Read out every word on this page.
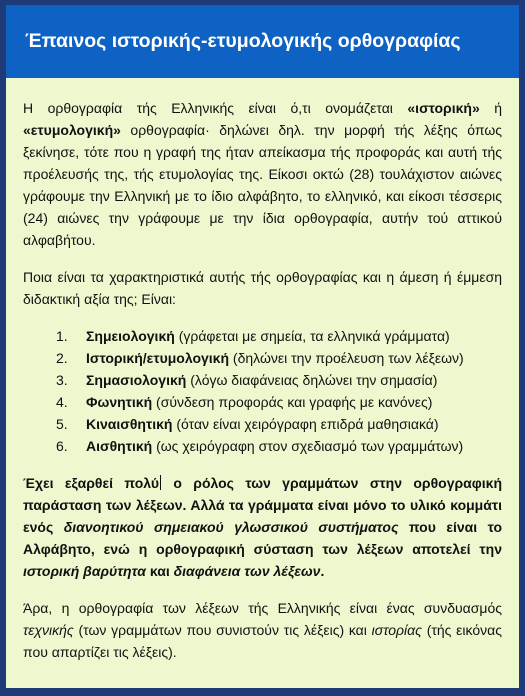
Έπαινος ιστορικής-ετυμολογικής ορθογραφίας

Η ορθογραφία τής Ελληνικής είναι ό,τι ονομάζεται «ιστορική» ή «ετυμολογική» ορθογραφία· δηλώνει δηλ. την μορφή τής λέξης όπως ξεκίνησε, τότε που η γραφή της ήταν απείκασμα τής προφοράς και αυτή τής προέλευσής της, τής ετυμολογίας της. Είκοσι οκτώ (28) τουλάχιστον αιώνες γράφουμε την Ελληνική με το ίδιο αλφάβητο, το ελληνικό, και είκοσι τέσσερις (24) αιώνες την γράφουμε με την ίδια ορθογραφία, αυτήν τού αττικού αλφαβήτου.

Ποια είναι τα χαρακτηριστικά αυτής τής ορθογραφίας και η άμεση ή έμμεση διδακτική αξία της; Είναι:

1. Σημειολογική (γράφεται με σημεία, τα ελληνικά γράμματα)
2. Ιστορική/ετυμολογική (δηλώνει την προέλευση των λέξεων)
3. Σημασιολογική (λόγω διαφάνειας δηλώνει την σημασία)
4. Φωνητική (σύνδεση προφοράς και γραφής με κανόνες)
5. Κιναισθητική (όταν είναι χειρόγραφη επιδρά μαθησιακά)
6. Αισθητική (ως χειρόγραφη στον σχεδιασμό των γραμμάτων)

Έχει εξαρθεί πολύ ο ρόλος των γραμμάτων στην ορθογραφική παράσταση των λέξεων. Αλλά τα γράμματα είναι μόνο το υλικό κομμάτι ενός διανοητικού σημειακού γλωσσικού συστήματος που είναι το Αλφάβητο, ενώ η ορθογραφική σύσταση των λέξεων αποτελεί την ιστορική βαρύτητα και διαφάνεια των λέξεων.

Άρα, η ορθογραφία των λέξεων τής Ελληνικής είναι ένας συνδυασμός τεχνικής (των γραμμάτων που συνιστούν τις λέξεις) και ιστορίας (τής εικόνας που απαρτίζει τις λέξεις).
